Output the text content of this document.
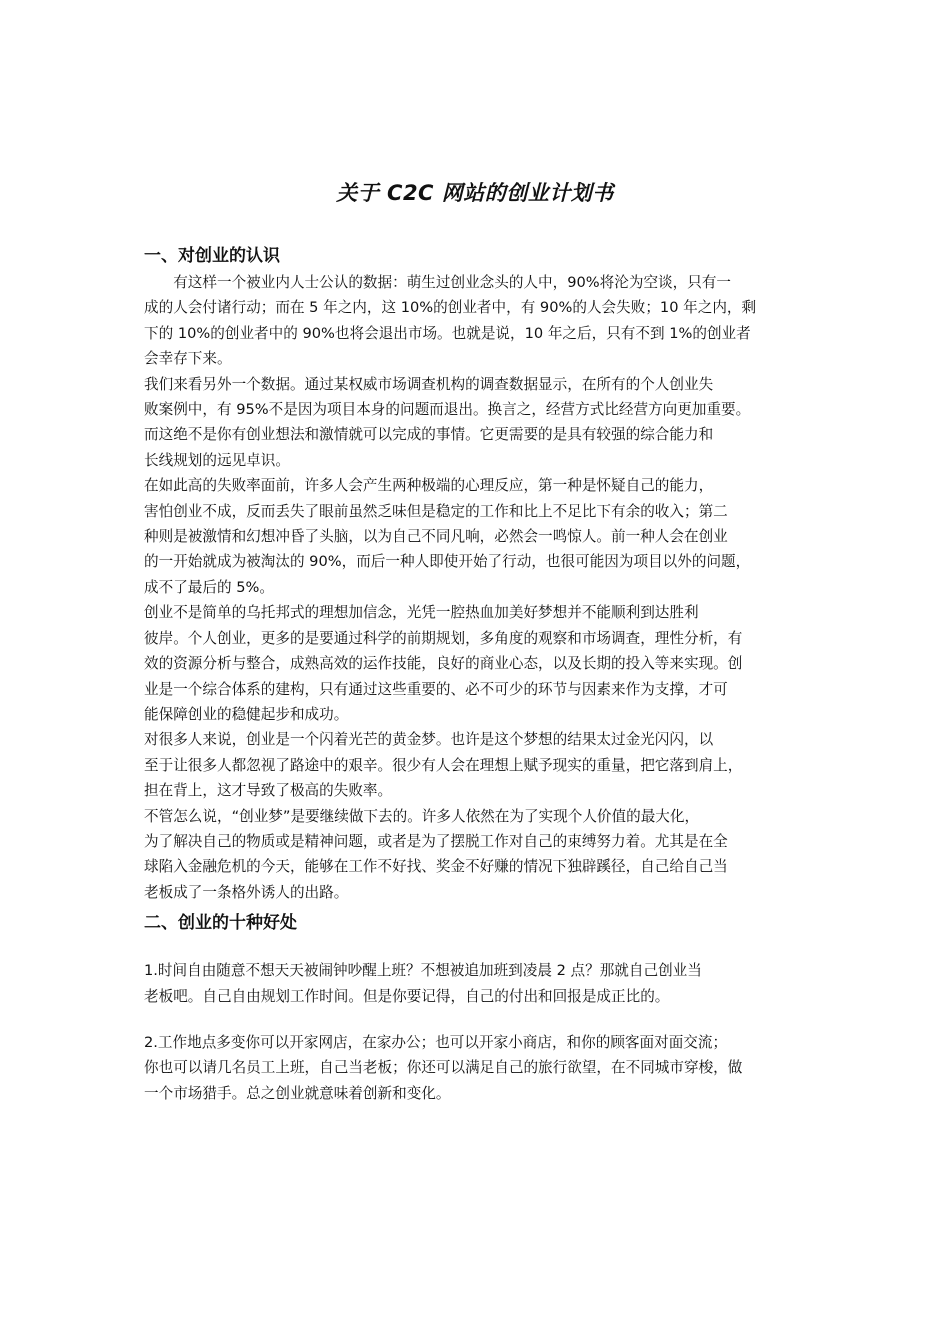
关于 C2C 网站的创业计划书
一、对创业的认识

　　有这样一个被业内人士公认的数据：萌生过创业念头的人中，90%将沦为空谈，只有一
成的人会付诸行动；而在 5 年之内，这 10%的创业者中，有 90%的人会失败；10 年之内，剩
下的 10%的创业者中的 90%也将会退出市场。也就是说，10 年之后，只有不到 1%的创业者
会幸存下来。

我们来看另外一个数据。通过某权威市场调查机构的调查数据显示，在所有的个人创业失
败案例中，有 95%不是因为项目本身的问题而退出。换言之，经营方式比经营方向更加重要。
而这绝不是你有创业想法和激情就可以完成的事情。它更需要的是具有较强的综合能力和
长线规划的远见卓识。

在如此高的失败率面前，许多人会产生两种极端的心理反应，第一种是怀疑自己的能力，
害怕创业不成，反而丢失了眼前虽然乏味但是稳定的工作和比上不足比下有余的收入；第二
种则是被激情和幻想冲昏了头脑，以为自己不同凡响，必然会一鸣惊人。前一种人会在创业
的一开始就成为被淘汰的 90%，而后一种人即使开始了行动，也很可能因为项目以外的问题，
成不了最后的 5%。

创业不是简单的乌托邦式的理想加信念，光凭一腔热血加美好梦想并不能顺利到达胜利
彼岸。个人创业，更多的是要通过科学的前期规划，多角度的观察和市场调查，理性分析，有
效的资源分析与整合，成熟高效的运作技能，良好的商业心态，以及长期的投入等来实现。创
业是一个综合体系的建构，只有通过这些重要的、必不可少的环节与因素来作为支撑，才可
能保障创业的稳健起步和成功。

对很多人来说，创业是一个闪着光芒的黄金梦。也许是这个梦想的结果太过金光闪闪，以
至于让很多人都忽视了路途中的艰辛。很少有人会在理想上赋予现实的重量，把它落到肩上，
担在背上，这才导致了极高的失败率。

不管怎么说，“创业梦”是要继续做下去的。许多人依然在为了实现个人价值的最大化，
为了解决自己的物质或是精神问题，或者是为了摆脱工作对自己的束缚努力着。尤其是在全
球陷入金融危机的今天，能够在工作不好找、奖金不好赚的情况下独辟蹊径，自己给自己当
老板成了一条格外诱人的出路。

二、创业的十种好处

1.时间自由随意不想天天被闹钟吵醒上班？不想被追加班到凌晨 2 点？那就自己创业当
老板吧。自己自由规划工作时间。但是你要记得，自己的付出和回报是成正比的。

2.工作地点多变你可以开家网店，在家办公；也可以开家小商店，和你的顾客面对面交流；
你也可以请几名员工上班，自己当老板；你还可以满足自己的旅行欲望，在不同城市穿梭，做
一个市场猎手。总之创业就意味着创新和变化。
